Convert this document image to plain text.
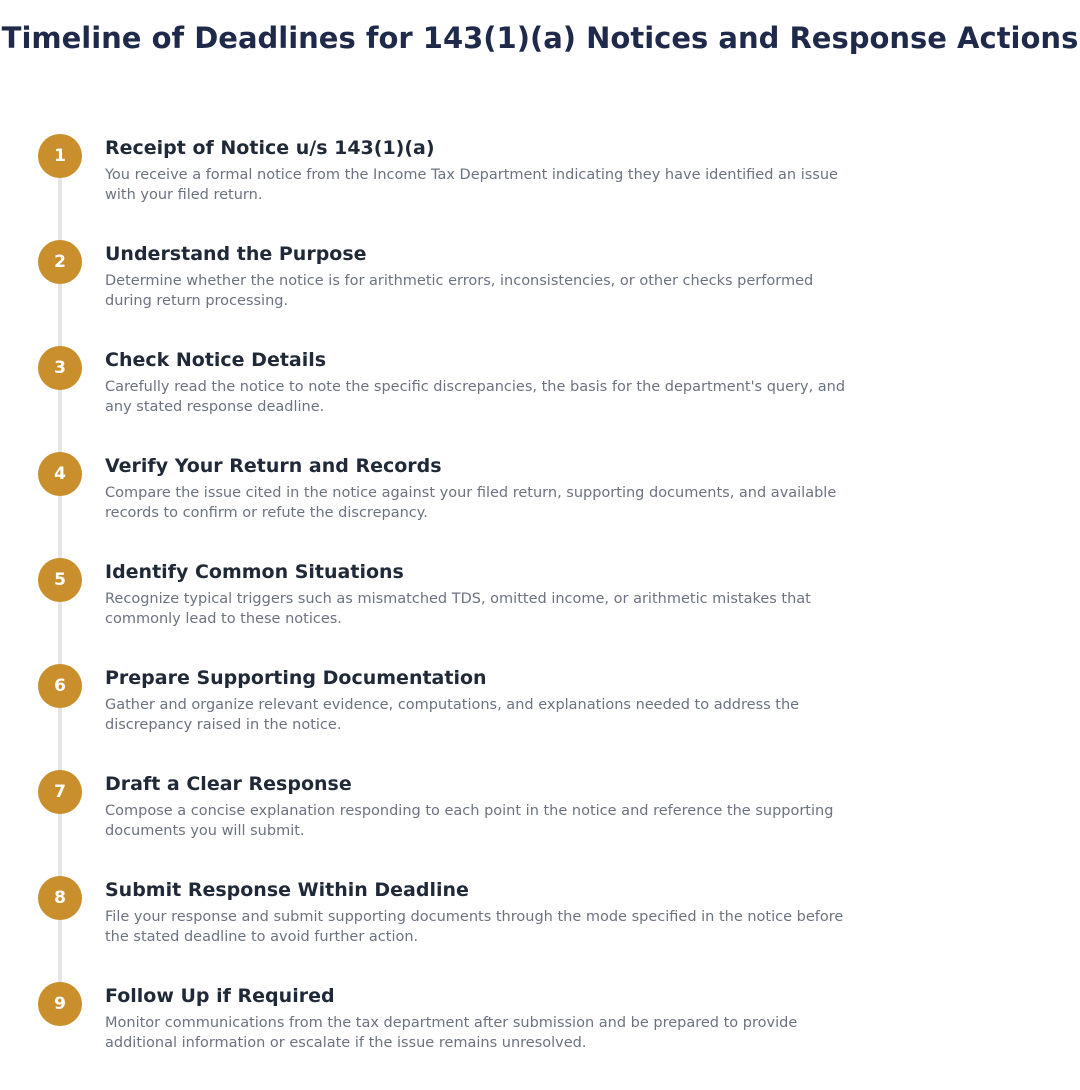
Timeline of Deadlines for 143(1)(a) Notices and Response Actions
1	Receipt of Notice u/s 143(1)(a)
You receive a formal notice from the Income Tax Department indicating they have identified an issue with your filed return.
2	Understand the Purpose
Determine whether the notice is for arithmetic errors, inconsistencies, or other checks performed during return processing.
3	Check Notice Details
Carefully read the notice to note the specific discrepancies, the basis for the department's query, and any stated response deadline.
4	Verify Your Return and Records
Compare the issue cited in the notice against your filed return, supporting documents, and available records to confirm or refute the discrepancy.
5	Identify Common Situations
Recognize typical triggers such as mismatched TDS, omitted income, or arithmetic mistakes that commonly lead to these notices.
6	Prepare Supporting Documentation
Gather and organize relevant evidence, computations, and explanations needed to address the discrepancy raised in the notice.
7	Draft a Clear Response
Compose a concise explanation responding to each point in the notice and reference the supporting documents you will submit.
8	Submit Response Within Deadline
File your response and submit supporting documents through the mode specified in the notice before the stated deadline to avoid further action.
9	Follow Up if Required
Monitor communications from the tax department after submission and be prepared to provide additional information or escalate if the issue remains unresolved.
